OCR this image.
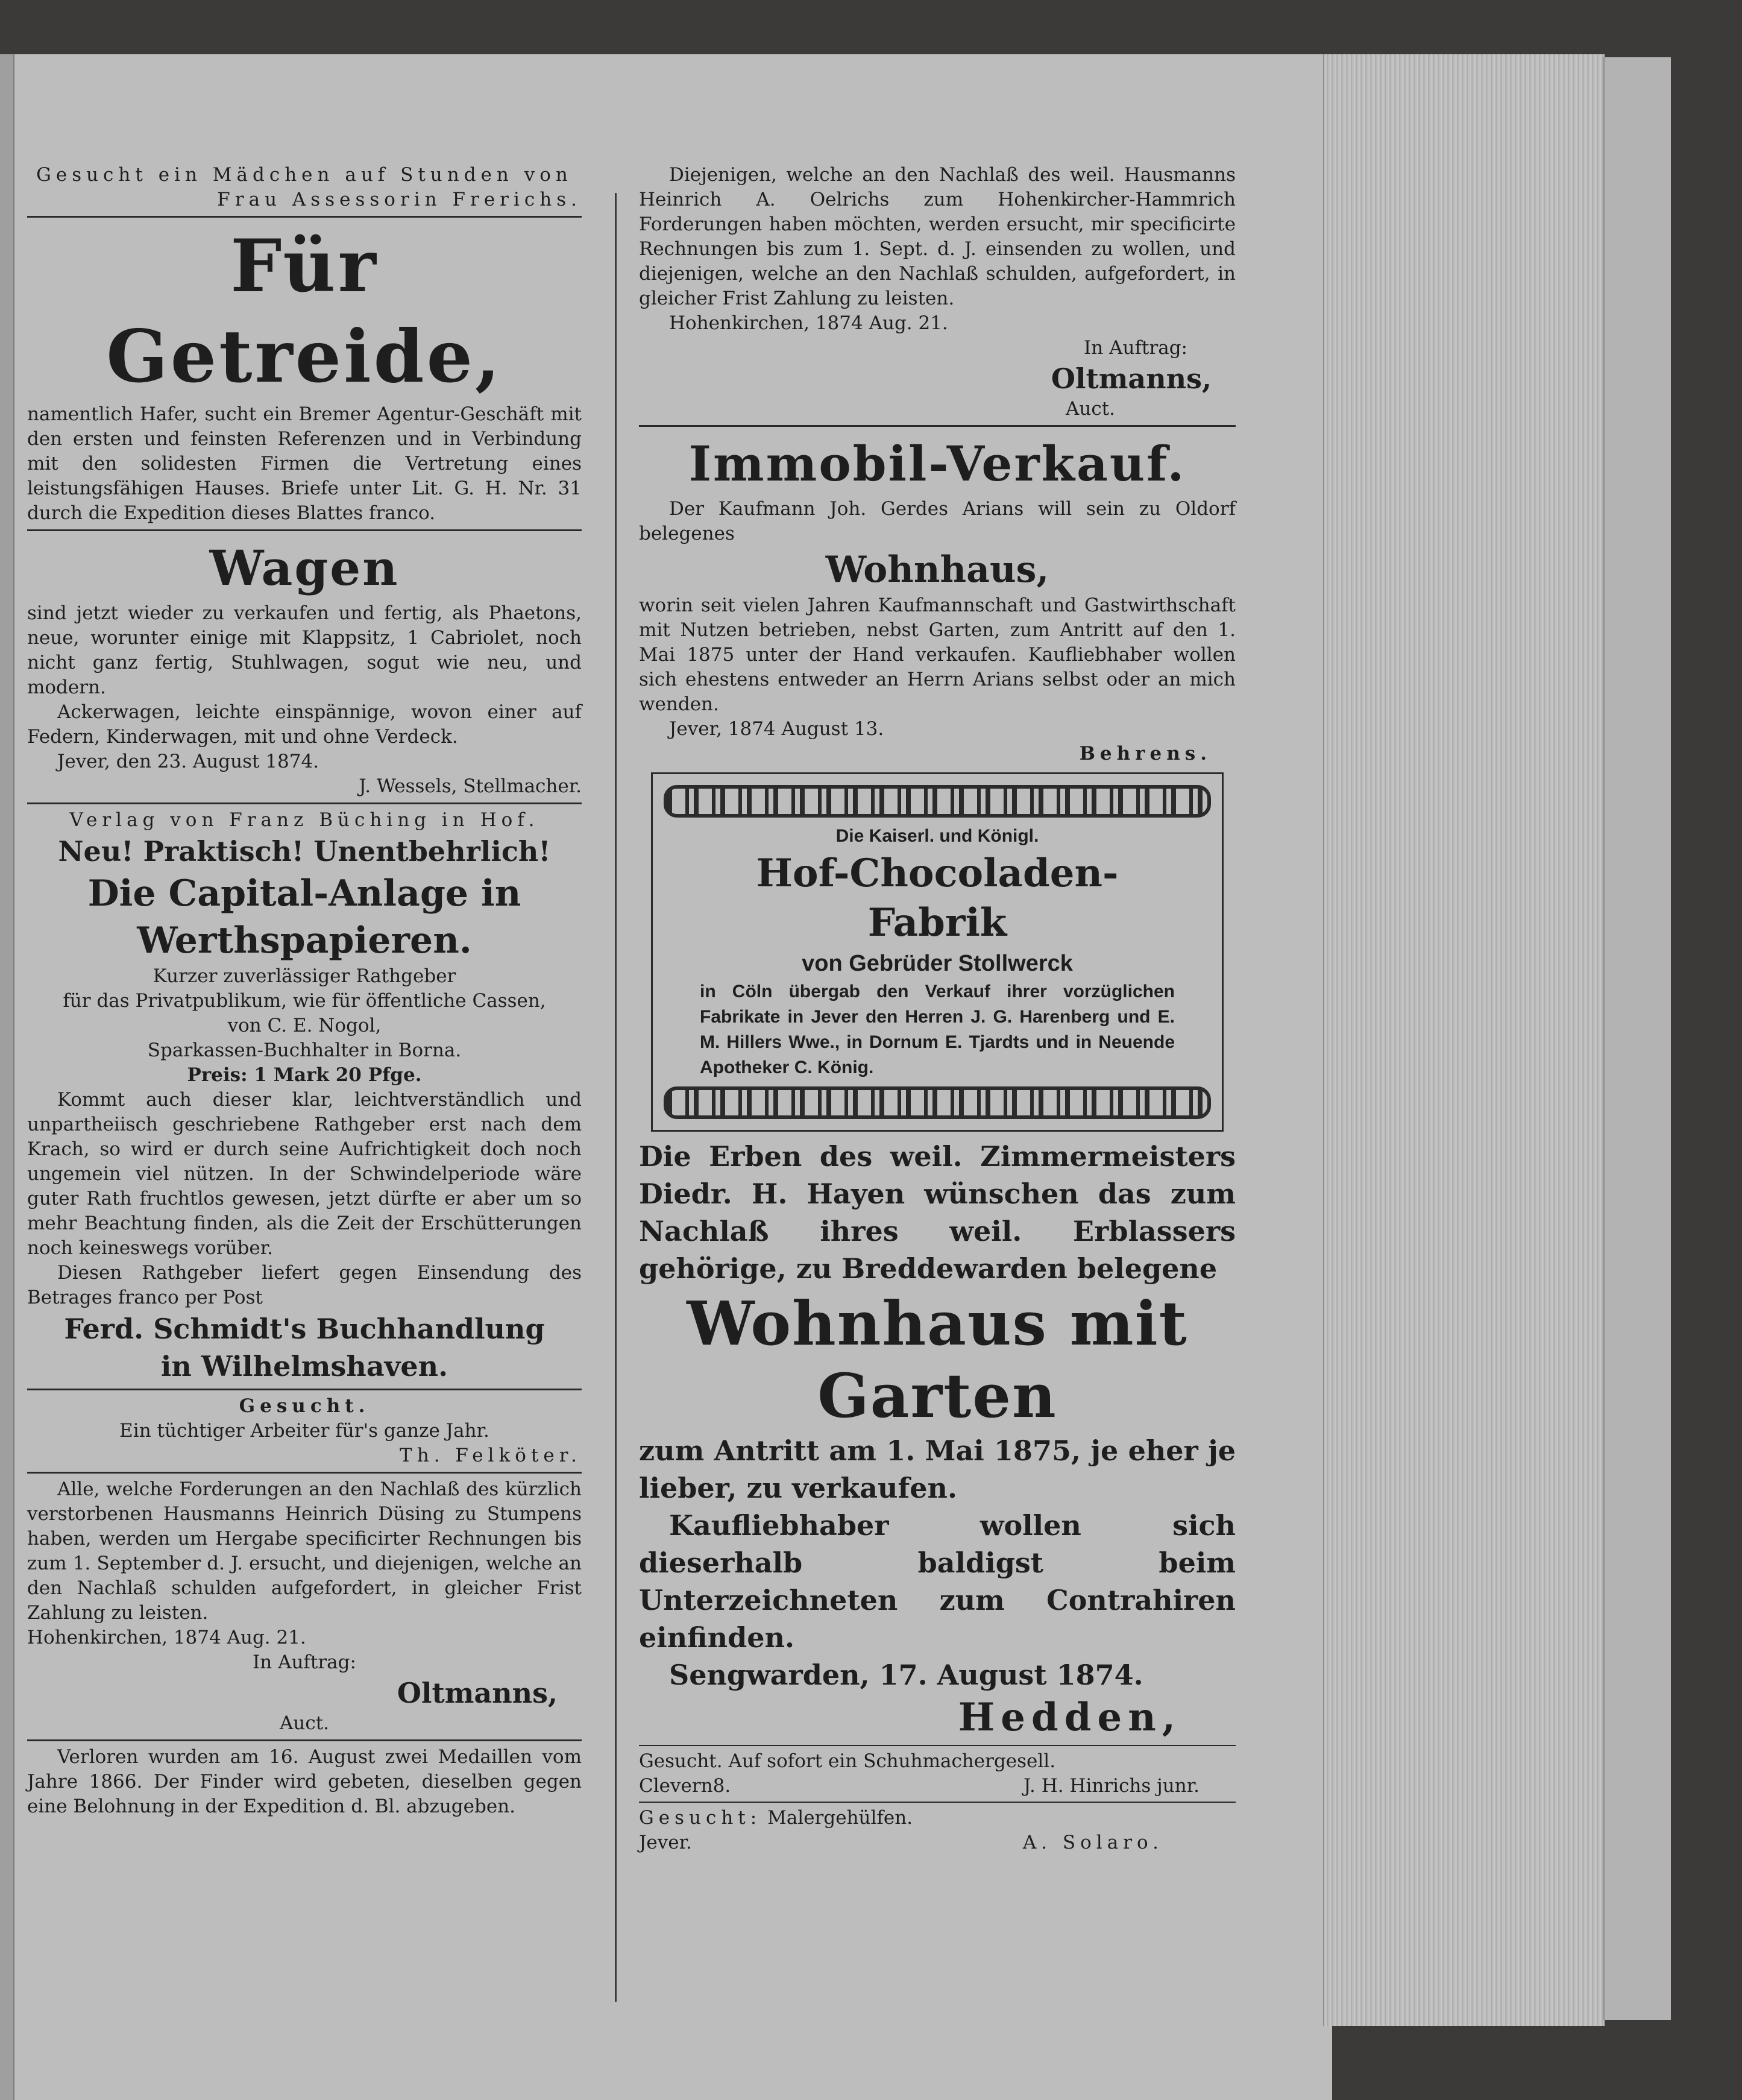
Gesucht ein Mädchen auf Stunden von

Frau Assessorin Frerichs.

Für Getreide,

namentlich Hafer, sucht ein Bremer Agentur-Geschäft mit den ersten und feinsten Referenzen und in Verbindung mit den solidesten Firmen die Vertretung eines leistungsfähigen Hauses. Briefe unter Lit. G. H. Nr. 31 durch die Expedition dieses Blattes franco.

Wagen

sind jetzt wieder zu verkaufen und fertig, als Phaetons, neue, worunter einige mit Klappsitz, 1 Cabriolet, noch nicht ganz fertig, Stuhlwagen, sogut wie neu, und modern.

Ackerwagen, leichte einspännige, wovon einer auf Federn, Kinderwagen, mit und ohne Verdeck.

Jever, den 23. August 1874.

J. Wessels, Stellmacher.

Verlag von Franz Büching in Hof.

Neu! Praktisch! Unentbehrlich!
Die Capital-Anlage in
Werthspapieren.

Kurzer zuverlässiger Rathgeber

für das Privatpublikum, wie für öffentliche Cassen,

von C. E. Nogol,

Sparkassen-Buchhalter in Borna.

Preis: 1 Mark 20 Pfge.

Kommt auch dieser klar, leichtverständlich und unpartheiisch geschriebene Rathgeber erst nach dem Krach, so wird er durch seine Aufrichtigkeit doch noch ungemein viel nützen. In der Schwindelperiode wäre guter Rath fruchtlos gewesen, jetzt dürfte er aber um so mehr Beachtung finden, als die Zeit der Erschütterungen noch keineswegs vorüber.

Diesen Rathgeber liefert gegen Einsendung des Betrages franco per Post

Ferd. Schmidt's Buchhandlung
in Wilhelmshaven.

Gesucht.

Ein tüchtiger Arbeiter für's ganze Jahr.

Th. Felköter.

Alle, welche Forderungen an den Nachlaß des kürzlich verstorbenen Hausmanns Heinrich Düsing zu Stumpens haben, werden um Hergabe specificirter Rechnungen bis zum 1. September d. J. ersucht, und diejenigen, welche an den Nachlaß schulden aufgefordert, in gleicher Frist Zahlung zu leisten.

Hohenkirchen, 1874 Aug. 21.

In Auftrag:

Oltmanns,

Auct.

Verloren wurden am 16. August zwei Medaillen vom Jahre 1866. Der Finder wird gebeten, dieselben gegen eine Belohnung in der Expedition d. Bl. abzugeben.

Diejenigen, welche an den Nachlaß des weil. Hausmanns Heinrich A. Oelrichs zum Hohenkircher-Hammrich Forderungen haben möchten, werden ersucht, mir specificirte Rechnungen bis zum 1. Sept. d. J. einsenden zu wollen, und diejenigen, welche an den Nachlaß schulden, aufgefordert, in gleicher Frist Zahlung zu leisten.

Hohenkirchen, 1874 Aug. 21.

In Auftrag:

Oltmanns,

Auct.

Immobil-Verkauf.

Der Kaufmann Joh. Gerdes Arians will sein zu Oldorf belegenes

Wohnhaus,

worin seit vielen Jahren Kaufmannschaft und Gastwirthschaft mit Nutzen betrieben, nebst Garten, zum Antritt auf den 1. Mai 1875 unter der Hand verkaufen. Kaufliebhaber wollen sich ehestens entweder an Herrn Arians selbst oder an mich wenden.

Jever, 1874 August 13.

Behrens.

Die Kaiserl. und Königl.

Hof-Chocoladen-Fabrik

von Gebrüder Stollwerck

in Cöln übergab den Verkauf ihrer vorzüglichen Fabrikate in Jever den Herren J. G. Harenberg und E. M. Hillers Wwe., in Dornum E. Tjardts und in Neuende Apotheker C. König.

Die Erben des weil. Zimmermeisters Diedr. H. Hayen wünschen das zum Nachlaß ihres weil. Erblassers gehörige, zu Breddewarden belegene

Wohnhaus mit
Garten

zum Antritt am 1. Mai 1875, je eher je lieber, zu verkaufen.

Kaufliebhaber wollen sich dieserhalb baldigst beim Unterzeichneten zum Contrahiren einfinden.

Sengwarden, 17. August 1874.

Hedden,

Gesucht. Auf sofort ein Schuhmachergesell.

Clevern8.	J. H. Hinrichs junr.

Gesucht: Malergehülfen.

Jever.	A. Solaro.
